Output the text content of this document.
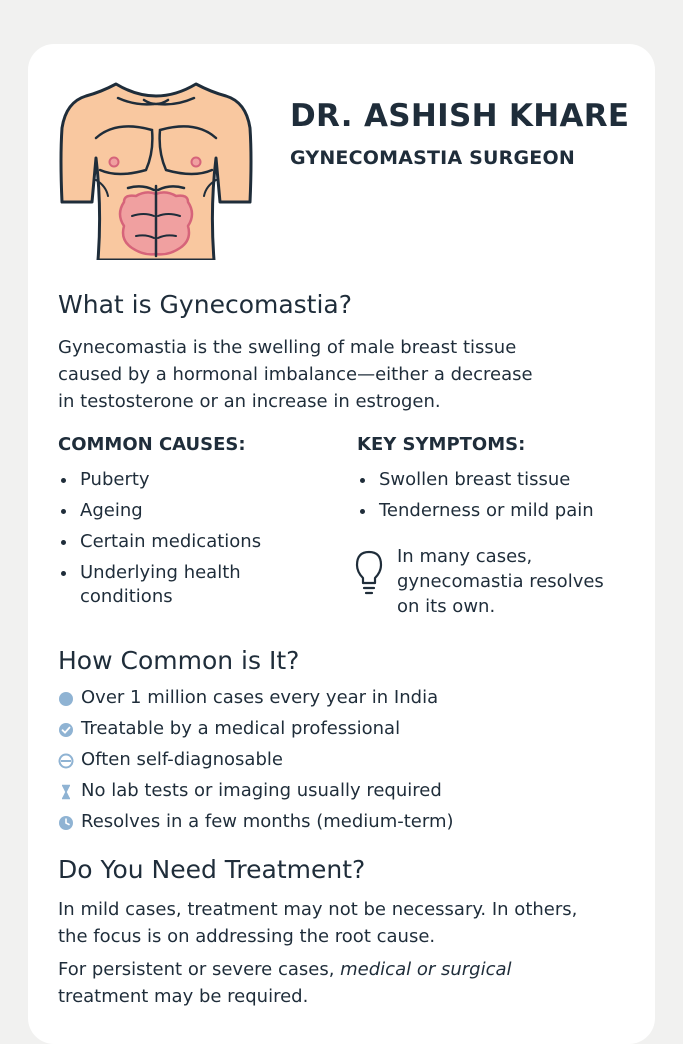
DR. ASHISH KHARE
GYNECOMASTIA SURGEON
What is Gynecomastia?
Gynecomastia is the swelling of male breast tissue
caused by a hormonal imbalance—either a decrease
in testosterone or an increase in estrogen.
COMMON CAUSES:
Puberty
Ageing
Certain medications
Underlying health conditions
KEY SYMPTOMS:
Swollen breast tissue
Tenderness or mild pain
In many cases,
gynecomastia resolves
on its own.
How Common is It?
Over 1 million cases every year in India
Treatable by a medical professional
Often self-diagnosable
No lab tests or imaging usually required
Resolves in a few months (medium-term)
Do You Need Treatment?
In mild cases, treatment may not be necessary. In others,
the focus is on addressing the root cause.
For persistent or severe cases, medical or surgical
treatment may be required.
